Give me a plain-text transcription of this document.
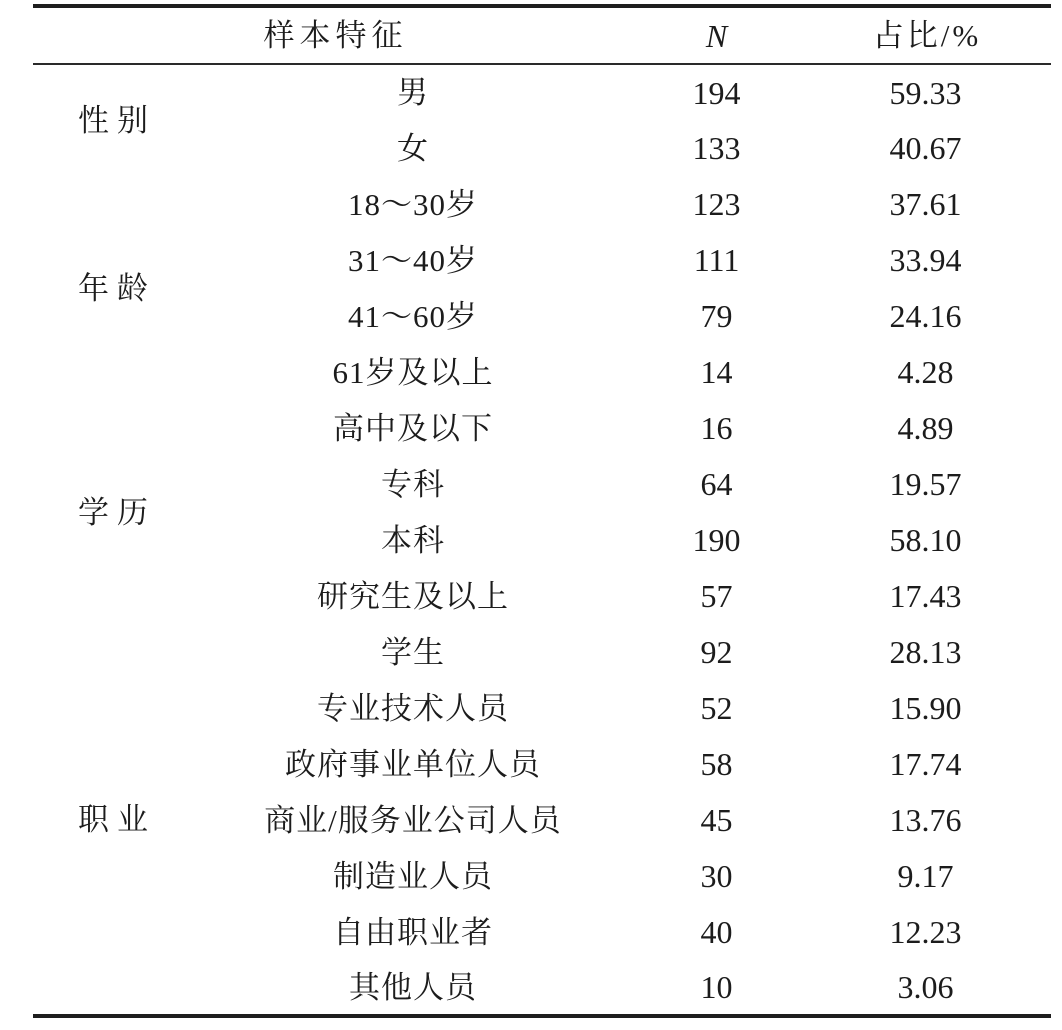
样本特征		N	占比/%
性别	男	194	59.33
	女	133	40.67
年龄	18～30岁	123	37.61
	31～40岁	111	33.94
	41～60岁	79	24.16
	61岁及以上	14	4.28
学历	高中及以下	16	4.89
	专科	64	19.57
	本科	190	58.10
	研究生及以上	57	17.43
职业	学生	92	28.13
	专业技术人员	52	15.90
	政府事业单位人员	58	17.74
	商业/服务业公司人员	45	13.76
	制造业人员	30	9.17
	自由职业者	40	12.23
	其他人员	10	3.06
